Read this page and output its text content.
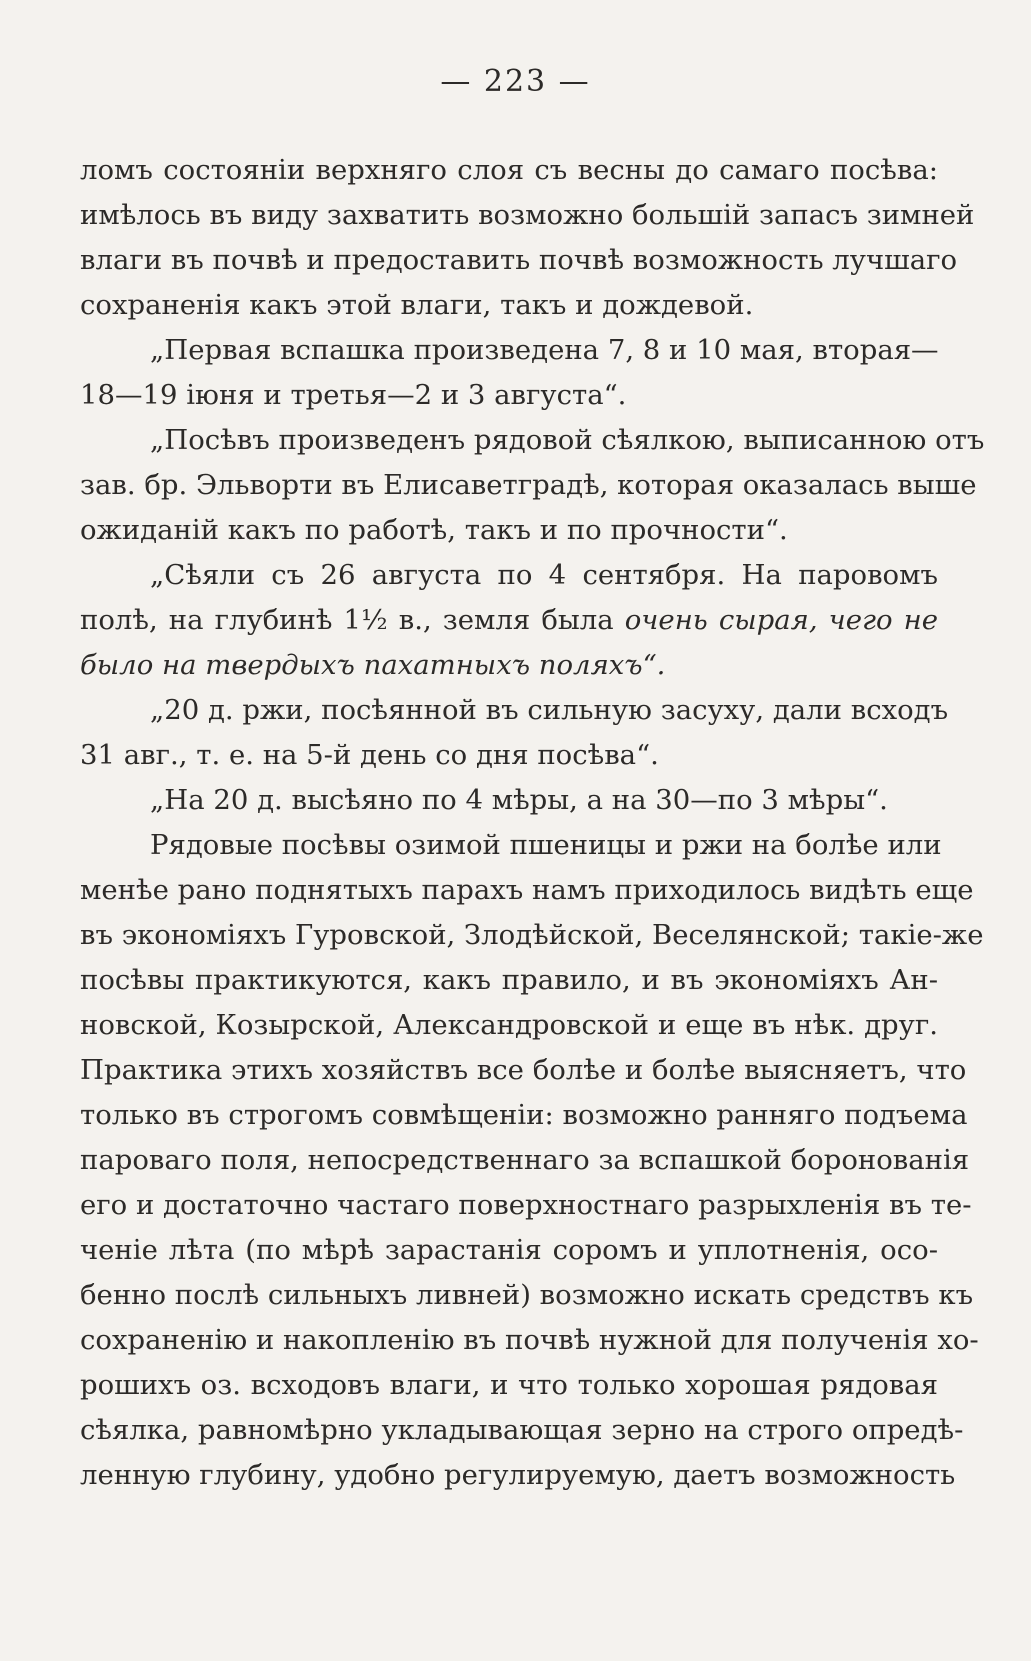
— 223 —
ломъ состоянiи верхняго слоя съ весны до самаго посѣва:
имѣлось въ виду захватить возможно большiй запасъ зимней
влаги въ почвѣ и предоставить почвѣ возможность лучшаго
сохраненiя какъ этой влаги, такъ и дождевой.
„Первая вспашка произведена 7, 8 и 10 мая, вторая—
18—19 iюня и третья—2 и 3 августа“.
„Посѣвъ произведенъ рядовой сѣялкою, выписанною отъ
зав. бр. Эльворти въ Елисаветградѣ, которая оказалась выше
ожиданiй какъ по работѣ, такъ и по прочности“.
„Сѣяли съ 26 августа по 4 сентября. На паровомъ
полѣ, на глубинѣ 1½ в., земля была очень сырая, чего не
было на твердыхъ пахатныхъ поляхъ“.
„20 д. ржи, посѣянной въ сильную засуху, дали всходъ
31 авг., т. е. на 5-й день со дня посѣва“.
„На 20 д. высѣяно по 4 мѣры, а на 30—по 3 мѣры“.
Рядовые посѣвы озимой пшеницы и ржи на болѣе или
менѣе рано поднятыхъ парахъ намъ приходилось видѣть еще
въ экономiяхъ Гуровской, Злодѣйской, Веселянской; такiе-же
посѣвы практикуются, какъ правило, и въ экономiяхъ Ан-
новской, Козырской, Александровской и еще въ нѣк. друг.
Практика этихъ хозяйствъ все болѣе и болѣе выясняетъ, что
только въ строгомъ совмѣщенiи: возможно ранняго подъема
пароваго поля, непосредственнаго за вспашкой боронованiя
его и достаточно частаго поверхностнаго разрыхленiя въ те-
ченiе лѣта (по мѣрѣ зарастанiя соромъ и уплотненiя, осо-
бенно послѣ сильныхъ ливней) возможно искать средствъ къ
сохраненiю и накопленiю въ почвѣ нужной для полученiя хо-
рошихъ оз. всходовъ влаги, и что только хорошая рядовая
сѣялка, равномѣрно укладывающая зерно на строго опредѣ-
ленную глубину, удобно регулируемую, даетъ возможность
